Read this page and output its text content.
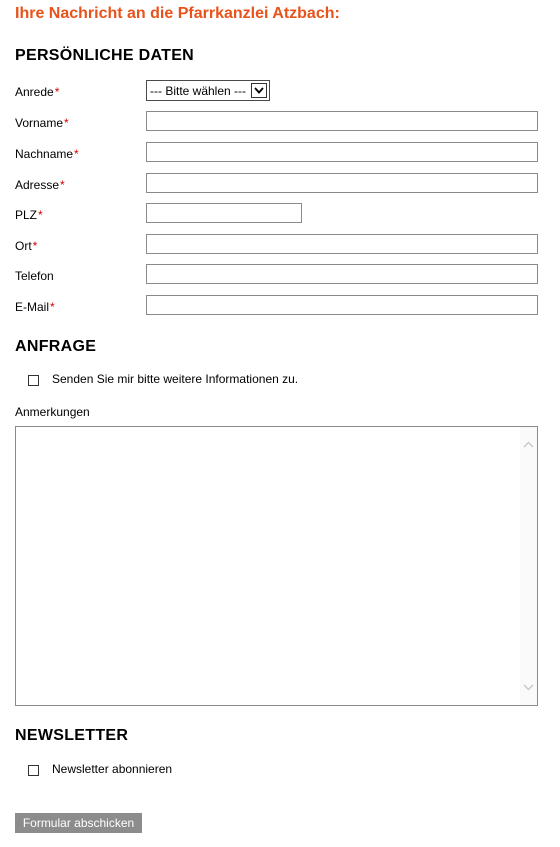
Ihre Nachricht an die Pfarrkanzlei Atzbach:
PERSÖNLICHE DATEN
Anrede*	--- Bitte wählen ---
Vorname*
Nachname*
Adresse*
PLZ*
Ort*
Telefon
E-Mail*
ANFRAGE
Senden Sie mir bitte weitere Informationen zu.
Anmerkungen
NEWSLETTER
Newsletter abonnieren
Formular abschicken
